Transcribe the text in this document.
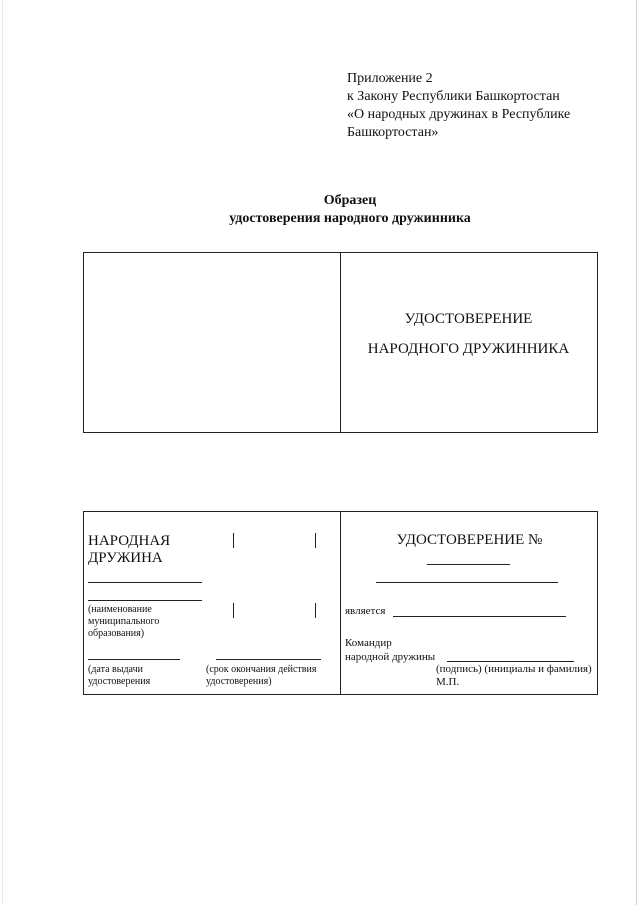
Приложение 2
к Закону Республики Башкортостан
«О народных дружинах в Республике
Башкортостан»
Образец
удостоверения народного дружинника
УДОСТОВЕРЕНИЕ
НАРОДНОГО ДРУЖИННИКА
НАРОДНАЯ
ДРУЖИНА
(наименование
муниципального
образования)
(дата выдачи
удостоверения
(срок окончания действия
удостоверения)
УДОСТОВЕРЕНИЕ №
является
Командир
народной дружины
(подпись) (инициалы и фамилия)
М.П.
